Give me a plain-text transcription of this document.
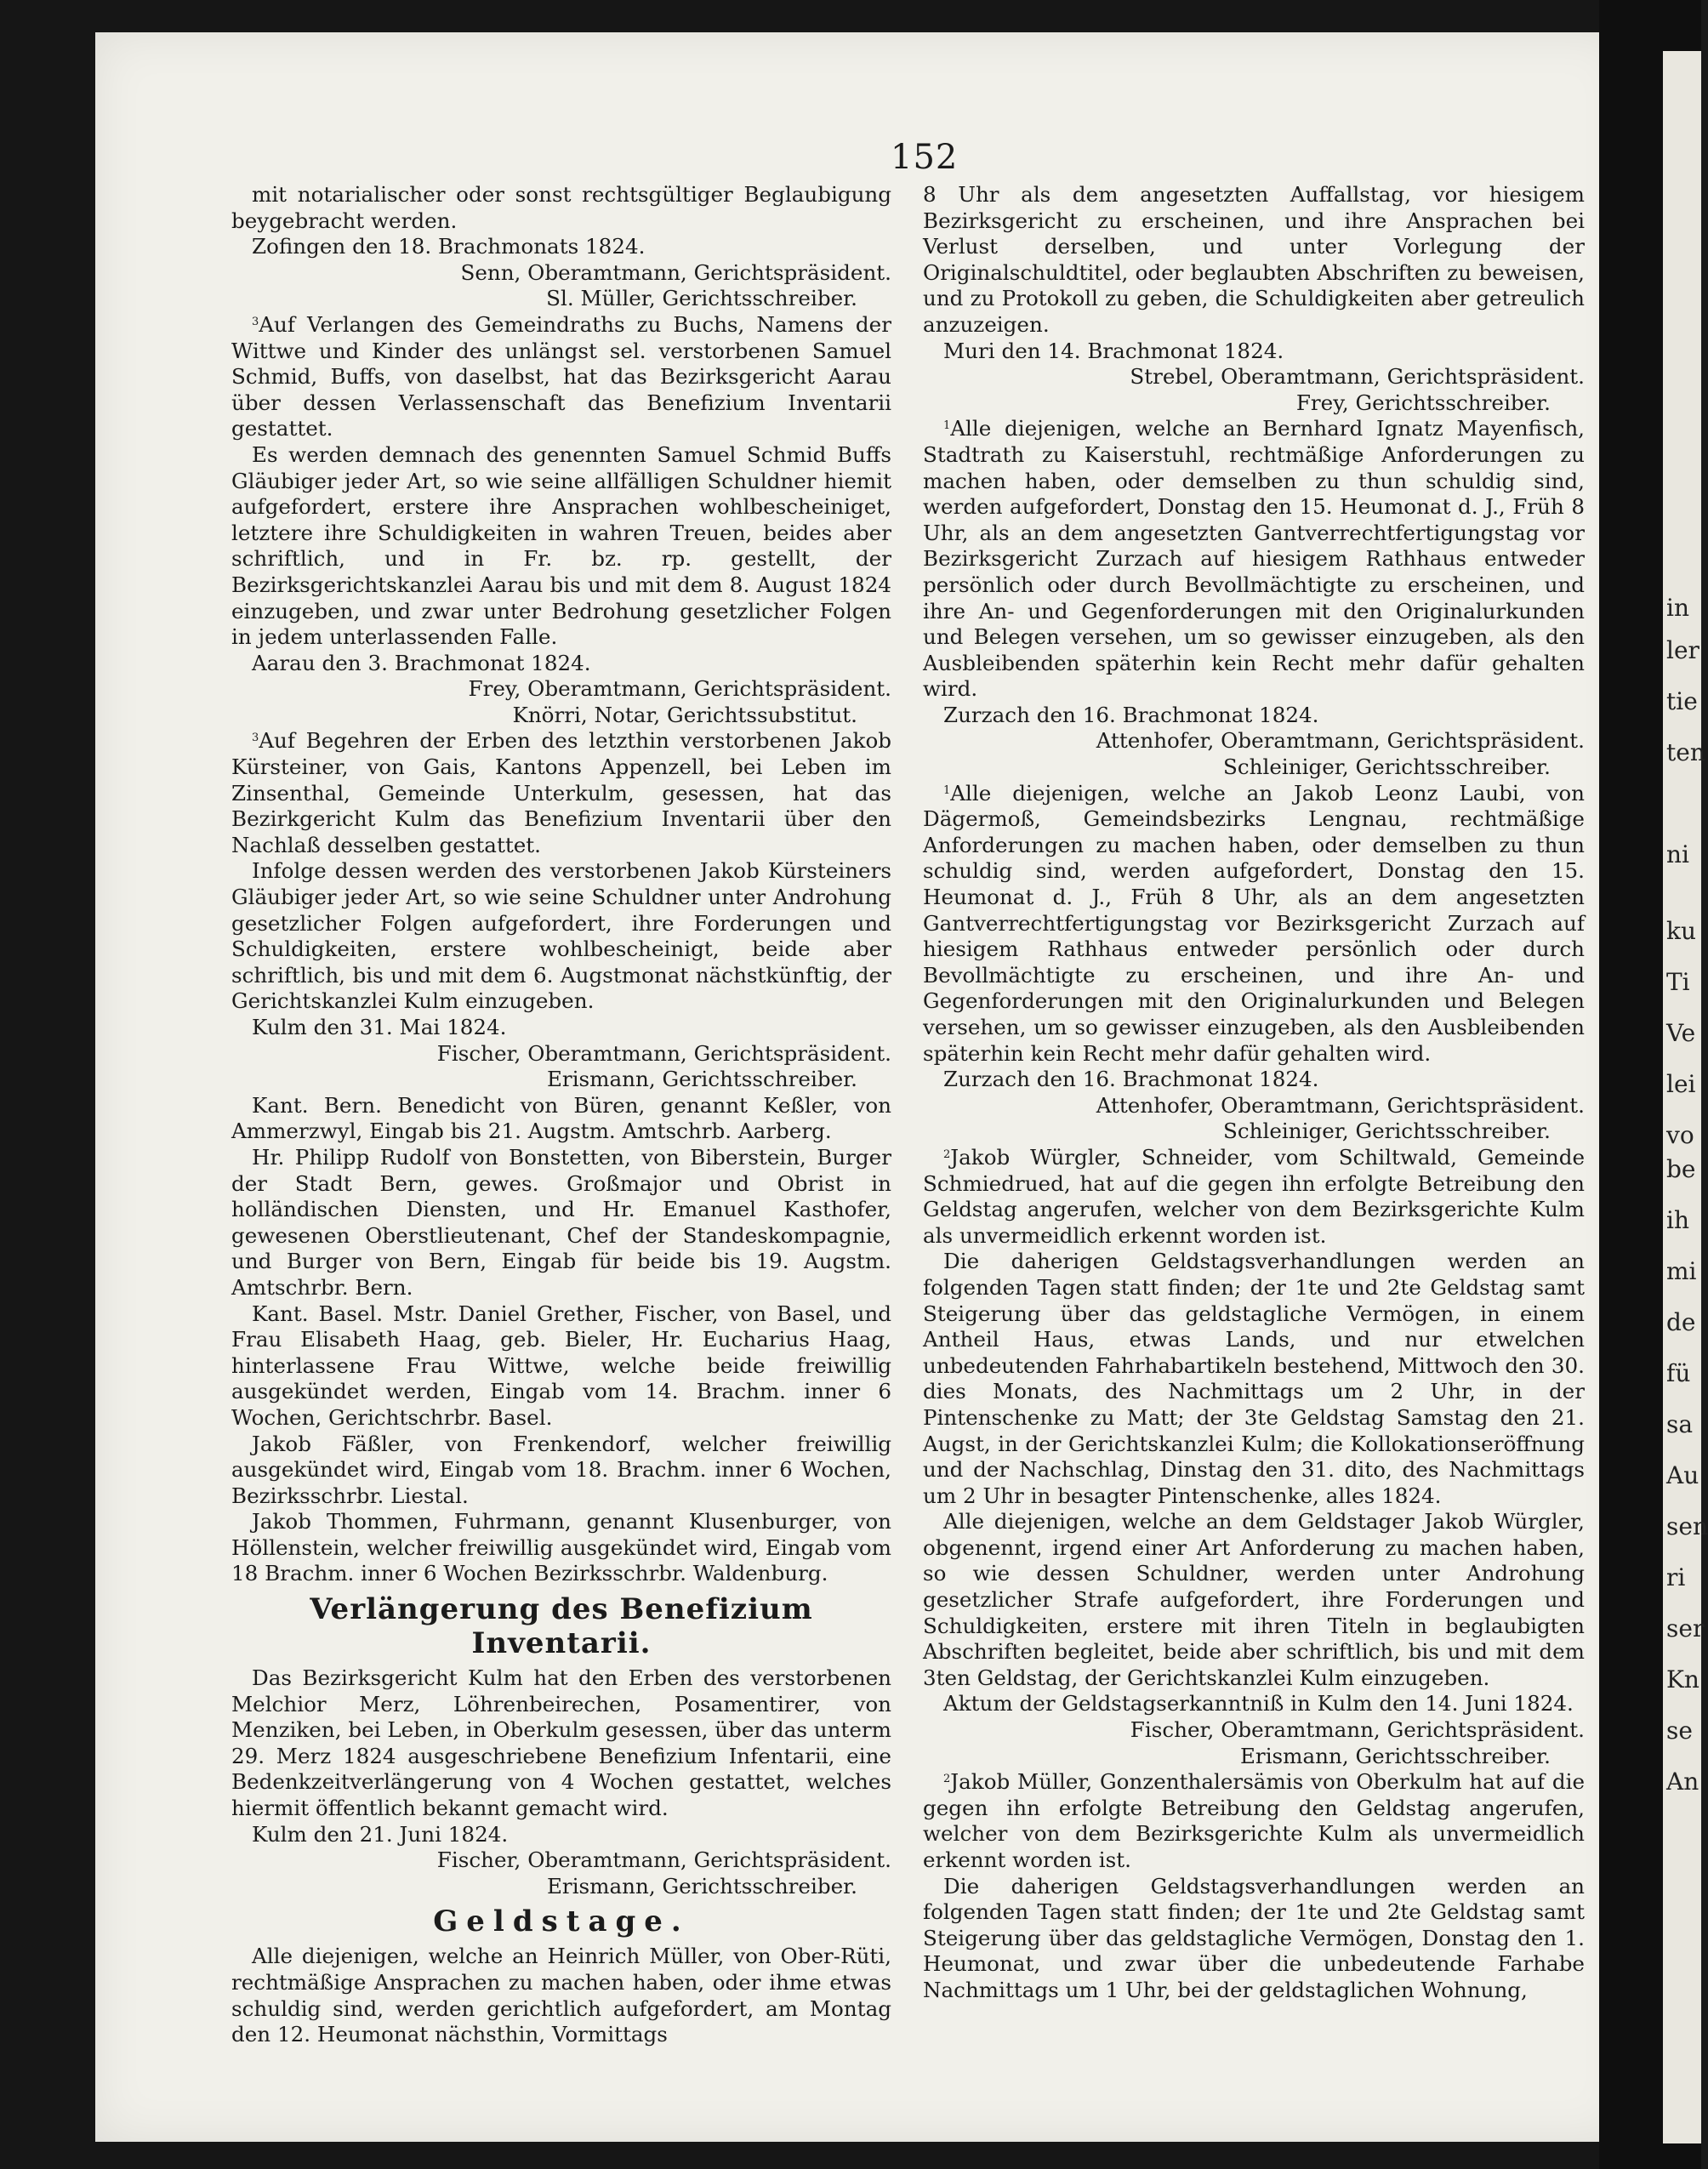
in
ler
tie
ten
ni
ku
Ti
Ve
lei
vo
be
ih
mi
de
fü
sa
Au
sen
ri
ser
Kn
se
An
152

mit notarialischer oder sonst rechtsgültiger Beglaubigung beygebracht werden.

Zofingen den 18. Brachmonats 1824.

Senn, Oberamtmann, Gerichtspräsident.

Sl. Müller, Gerichtsschreiber.

$^3$Auf Verlangen des Gemeindraths zu Buchs, Namens der Wittwe und Kinder des unlängst sel. verstorbenen Samuel Schmid, Buffs, von daselbst, hat das Bezirksgericht Aarau über dessen Verlassenschaft das Benefizium Inventarii gestattet.

Es werden demnach des genennten Samuel Schmid Buffs Gläubiger jeder Art, so wie seine allfälligen Schuldner hiemit aufgefordert, erstere ihre Ansprachen wohlbescheiniget, letztere ihre Schuldigkeiten in wahren Treuen, beides aber schriftlich, und in Fr. bz. rp. gestellt, der Bezirksgerichtskanzlei Aarau bis und mit dem 8. August 1824 einzugeben, und zwar unter Bedrohung gesetzlicher Folgen in jedem unterlassenden Falle.

Aarau den 3. Brachmonat 1824.

Frey, Oberamtmann, Gerichtspräsident.

Knörri, Notar, Gerichtssubstitut.

$^3$Auf Begehren der Erben des letzthin verstorbenen Jakob Kürsteiner, von Gais, Kantons Appenzell, bei Leben im Zinsenthal, Gemeinde Unterkulm, gesessen, hat das Bezirkgericht Kulm das Benefizium Inventarii über den Nachlaß desselben gestattet.

Infolge dessen werden des verstorbenen Jakob Kürsteiners Gläubiger jeder Art, so wie seine Schuldner unter Androhung gesetzlicher Folgen aufgefordert, ihre Forderungen und Schuldigkeiten, erstere wohlbescheinigt, beide aber schriftlich, bis und mit dem 6. Augstmonat nächstkünftig, der Gerichtskanzlei Kulm einzugeben.

Kulm den 31. Mai 1824.

Fischer, Oberamtmann, Gerichtspräsident.

Erismann, Gerichtsschreiber.

Kant. Bern. Benedicht von Büren, genannt Keßler, von Ammerzwyl, Eingab bis 21. Augstm. Amtschrb. Aarberg.

Hr. Philipp Rudolf von Bonstetten, von Biberstein, Burger der Stadt Bern, gewes. Großmajor und Obrist in holländischen Diensten, und Hr. Emanuel Kasthofer, gewesenen Oberstlieutenant, Chef der Standeskompagnie, und Burger von Bern, Eingab für beide bis 19. Augstm. Amtschrbr. Bern.

Kant. Basel. Mstr. Daniel Grether, Fischer, von Basel, und Frau Elisabeth Haag, geb. Bieler, Hr. Eucharius Haag, hinterlassene Frau Wittwe, welche beide freiwillig ausgekündet werden, Eingab vom 14. Brachm. inner 6 Wochen, Gerichtschrbr. Basel.

Jakob Fäßler, von Frenkendorf, welcher freiwillig ausgekündet wird, Eingab vom 18. Brachm. inner 6 Wochen, Bezirksschrbr. Liestal.

Jakob Thommen, Fuhrmann, genannt Klusenburger, von Höllenstein, welcher freiwillig ausgekündet wird, Eingab vom 18 Brachm. inner 6 Wochen Bezirksschrbr. Waldenburg.

Verlängerung des Benefizium Inventarii.

Das Bezirksgericht Kulm hat den Erben des verstorbenen Melchior Merz, Löhrenbeirechen, Posamentirer, von Menziken, bei Leben, in Oberkulm gesessen, über das unterm 29. Merz 1824 ausgeschriebene Benefizium Infentarii, eine Bedenkzeitverlängerung von 4 Wochen gestattet, welches hiermit öffentlich bekannt gemacht wird.

Kulm den 21. Juni 1824.

Fischer, Oberamtmann, Gerichtspräsident.

Erismann, Gerichtsschreiber.

Geldstage.

Alle diejenigen, welche an Heinrich Müller, von Ober-Rüti, rechtmäßige Ansprachen zu machen haben, oder ihme etwas schuldig sind, werden gerichtlich aufgefordert, am Montag den 12. Heumonat nächsthin, Vormittags

8 Uhr als dem angesetzten Auffallstag, vor hiesigem Bezirksgericht zu erscheinen, und ihre Ansprachen bei Verlust derselben, und unter Vorlegung der Originalschuldtitel, oder beglaubten Abschriften zu beweisen, und zu Protokoll zu geben, die Schuldigkeiten aber getreulich anzuzeigen.

Muri den 14. Brachmonat 1824.

Strebel, Oberamtmann, Gerichtspräsident.

Frey, Gerichtsschreiber.

$^1$Alle diejenigen, welche an Bernhard Ignatz Mayenfisch, Stadtrath zu Kaiserstuhl, rechtmäßige Anforderungen zu machen haben, oder demselben zu thun schuldig sind, werden aufgefordert, Donstag den 15. Heumonat d. J., Früh 8 Uhr, als an dem angesetzten Gantverrechtfertigungstag vor Bezirksgericht Zurzach auf hiesigem Rathhaus entweder persönlich oder durch Bevollmächtigte zu erscheinen, und ihre An- und Gegenforderungen mit den Originalurkunden und Belegen versehen, um so gewisser einzugeben, als den Ausbleibenden späterhin kein Recht mehr dafür gehalten wird.

Zurzach den 16. Brachmonat 1824.

Attenhofer, Oberamtmann, Gerichtspräsident.

Schleiniger, Gerichtsschreiber.

$^1$Alle diejenigen, welche an Jakob Leonz Laubi, von Dägermoß, Gemeindsbezirks Lengnau, rechtmäßige Anforderungen zu machen haben, oder demselben zu thun schuldig sind, werden aufgefordert, Donstag den 15. Heumonat d. J., Früh 8 Uhr, als an dem angesetzten Gantverrechtfertigungstag vor Bezirksgericht Zurzach auf hiesigem Rathhaus entweder persönlich oder durch Bevollmächtigte zu erscheinen, und ihre An- und Gegenforderungen mit den Originalurkunden und Belegen versehen, um so gewisser einzugeben, als den Ausbleibenden späterhin kein Recht mehr dafür gehalten wird.

Zurzach den 16. Brachmonat 1824.

Attenhofer, Oberamtmann, Gerichtspräsident.

Schleiniger, Gerichtsschreiber.

$^2$Jakob Würgler, Schneider, vom Schiltwald, Gemeinde Schmiedrued, hat auf die gegen ihn erfolgte Betreibung den Geldstag angerufen, welcher von dem Bezirksgerichte Kulm als unvermeidlich erkennt worden ist.

Die daherigen Geldstagsverhandlungen werden an folgenden Tagen statt finden; der 1te und 2te Geldstag samt Steigerung über das geldstagliche Vermögen, in einem Antheil Haus, etwas Lands, und nur etwelchen unbedeutenden Fahrhabartikeln bestehend, Mittwoch den 30. dies Monats, des Nachmittags um 2 Uhr, in der Pintenschenke zu Matt; der 3te Geldstag Samstag den 21. Augst, in der Gerichtskanzlei Kulm; die Kollokationseröffnung und der Nachschlag, Dinstag den 31. dito, des Nachmittags um 2 Uhr in besagter Pintenschenke, alles 1824.

Alle diejenigen, welche an dem Geldstager Jakob Würgler, obgenennt, irgend einer Art Anforderung zu machen haben, so wie dessen Schuldner, werden unter Androhung gesetzlicher Strafe aufgefordert, ihre Forderungen und Schuldigkeiten, erstere mit ihren Titeln in beglaubigten Abschriften begleitet, beide aber schriftlich, bis und mit dem 3ten Geldstag, der Gerichtskanzlei Kulm einzugeben.

Aktum der Geldstagserkanntniß in Kulm den 14. Juni 1824.

Fischer, Oberamtmann, Gerichtspräsident.

Erismann, Gerichtsschreiber.

$^2$Jakob Müller, Gonzenthalersämis von Oberkulm hat auf die gegen ihn erfolgte Betreibung den Geldstag angerufen, welcher von dem Bezirksgerichte Kulm als unvermeidlich erkennt worden ist.

Die daherigen Geldstagsverhandlungen werden an folgenden Tagen statt finden; der 1te und 2te Geldstag samt Steigerung über das geldstagliche Vermögen, Donstag den 1. Heumonat, und zwar über die unbedeutende Farhabe Nachmittags um 1 Uhr, bei der geldstaglichen Wohnung,
